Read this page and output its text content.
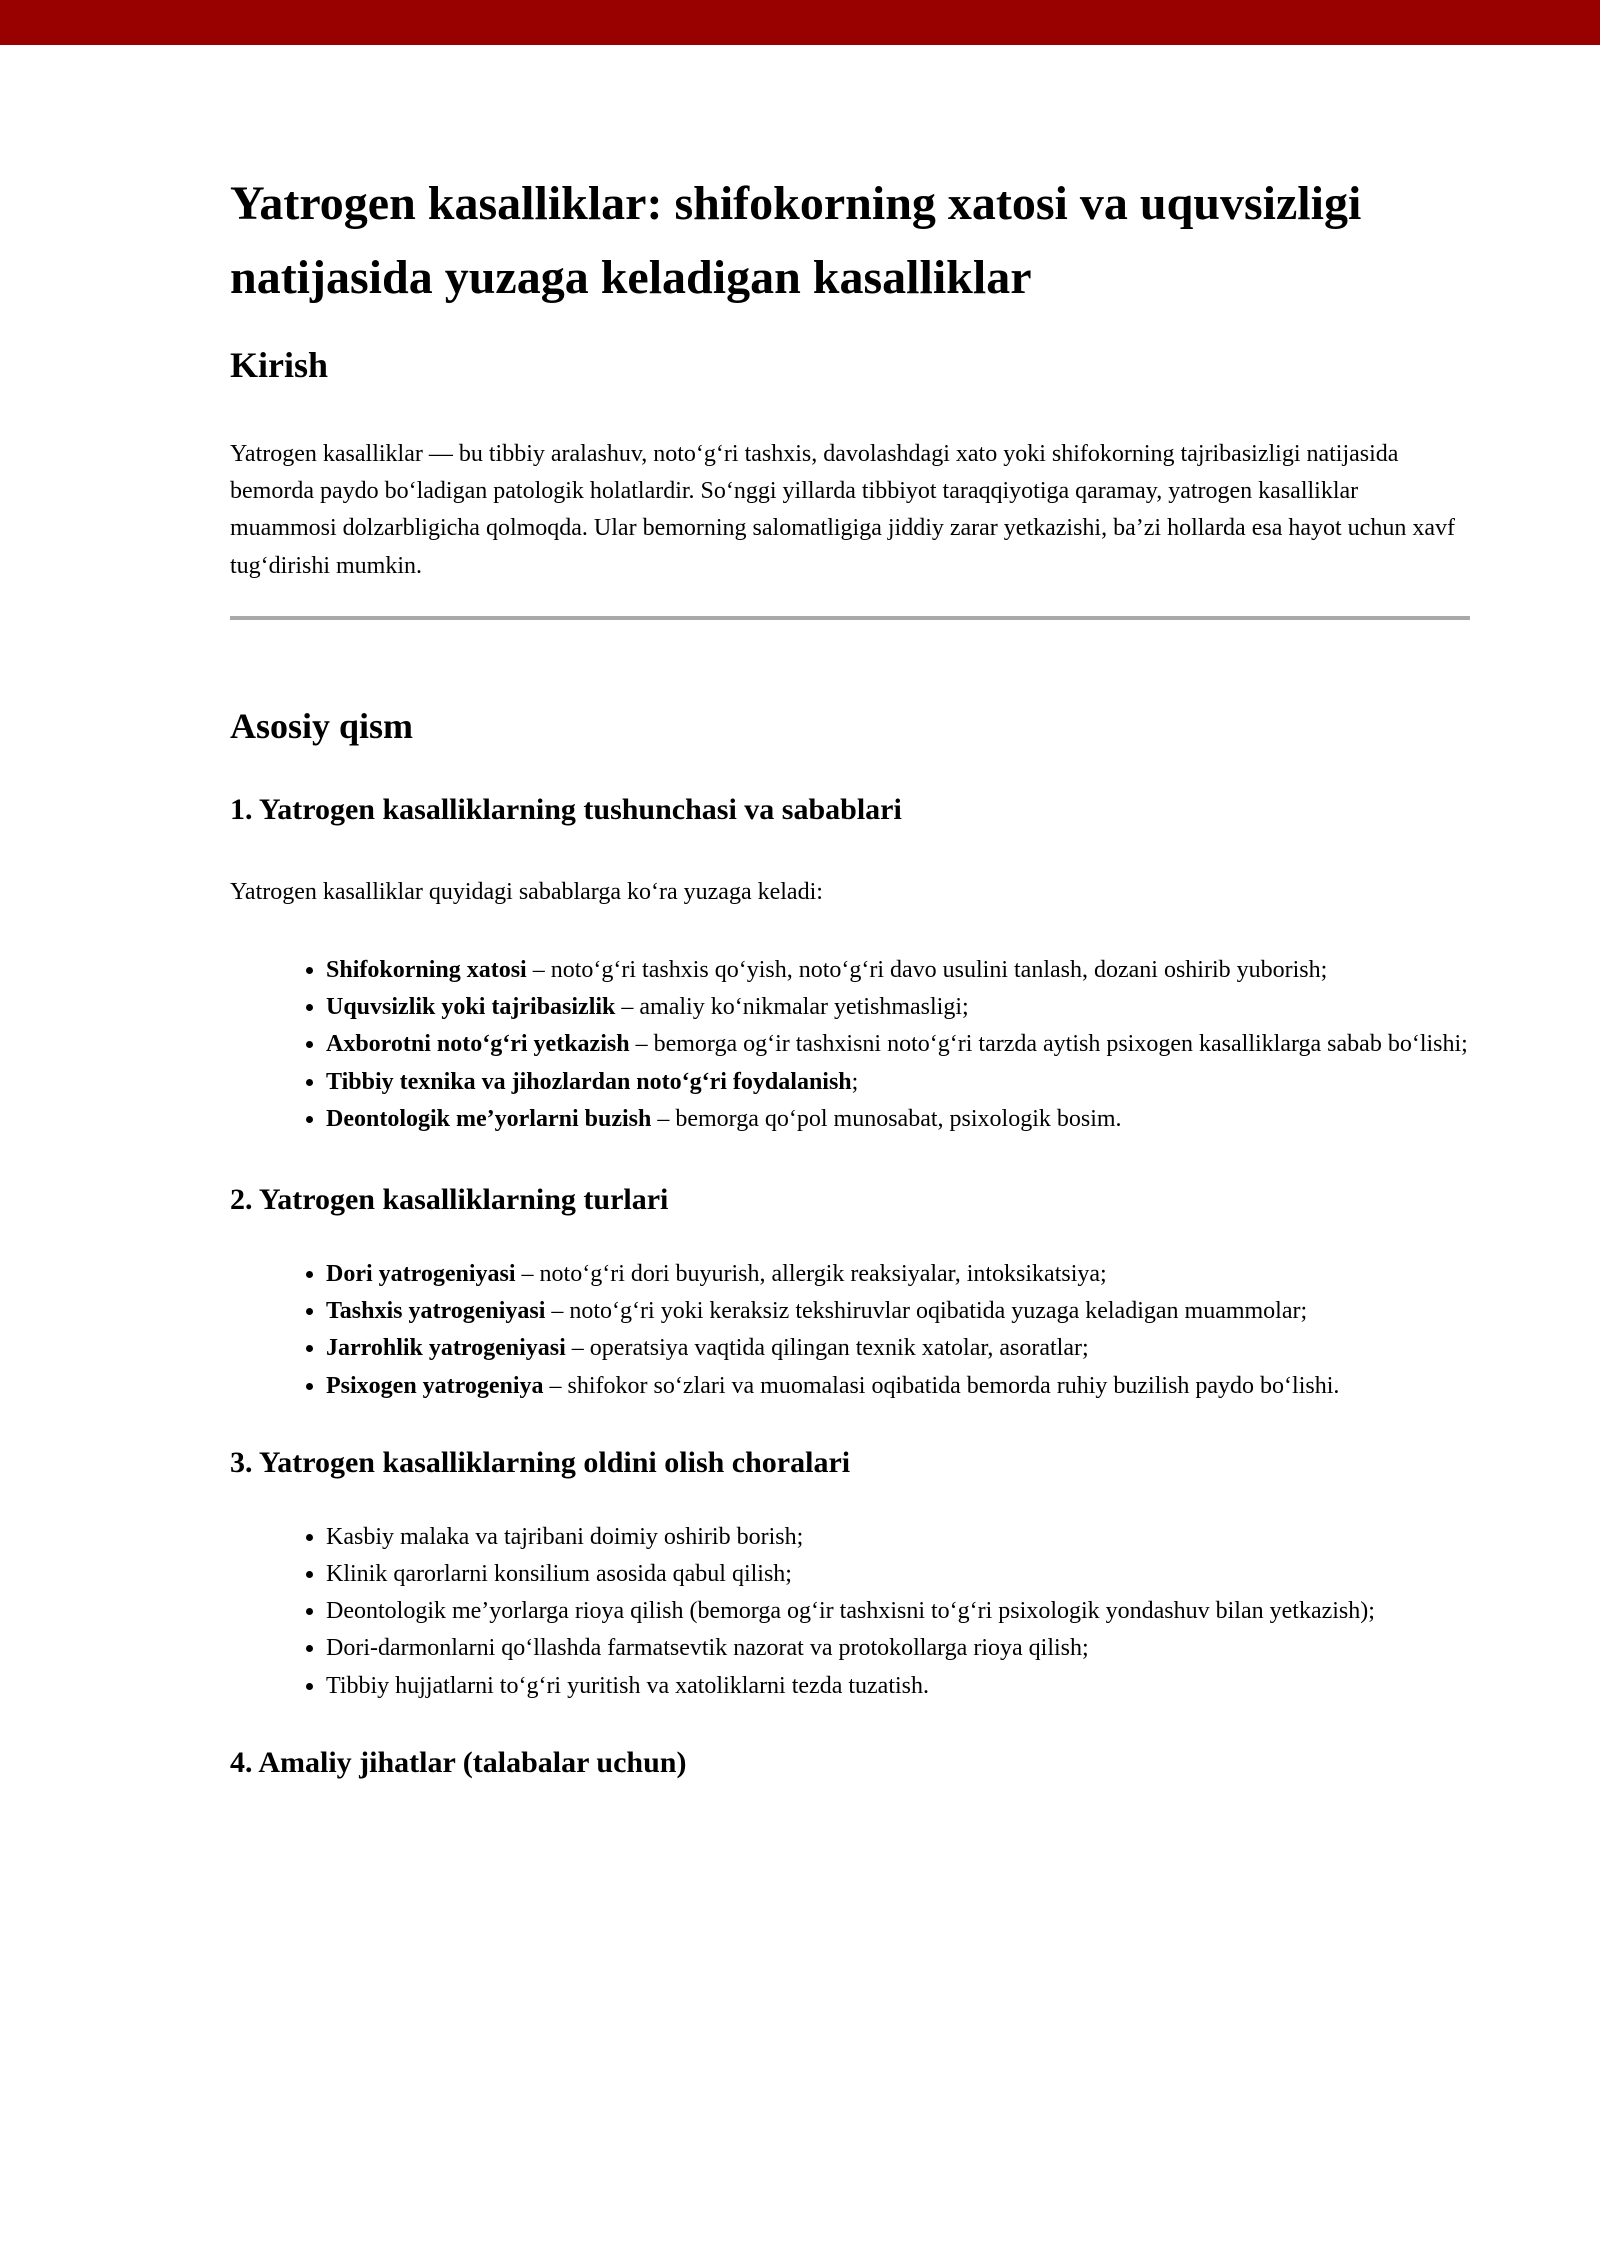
Yatrogen kasalliklar: shifokorning xatosi va uquvsizligi natijasida yuzaga keladigan kasalliklar
Kirish

Yatrogen kasalliklar — bu tibbiy aralashuv, noto‘g‘ri tashxis, davolashdagi xato yoki shifokorning tajribasizligi natijasida bemorda paydo bo‘ladigan patologik holatlardir. So‘nggi yillarda tibbiyot taraqqiyotiga qaramay, yatrogen kasalliklar muammosi dolzarbligicha qolmoqda. Ular bemorning salomatligiga jiddiy zarar yetkazishi, ba’zi hollarda esa hayot uchun xavf tug‘dirishi mumkin.

Asosiy qism
1. Yatrogen kasalliklarning tushunchasi va sabablari

Yatrogen kasalliklar quyidagi sabablarga ko‘ra yuzaga keladi:

• Shifokorning xatosi – noto‘g‘ri tashxis qo‘yish, noto‘g‘ri davo usulini tanlash, dozani oshirib yuborish;
• Uquvsizlik yoki tajribasizlik – amaliy ko‘nikmalar yetishmasligi;
• Axborotni noto‘g‘ri yetkazish – bemorga og‘ir tashxisni noto‘g‘ri tarzda aytish psixogen kasalliklarga sabab bo‘lishi;
• Tibbiy texnika va jihozlardan noto‘g‘ri foydalanish;
• Deontologik me’yorlarni buzish – bemorga qo‘pol munosabat, psixologik bosim.
2. Yatrogen kasalliklarning turlari
• Dori yatrogeniyasi – noto‘g‘ri dori buyurish, allergik reaksiyalar, intoksikatsiya;
• Tashxis yatrogeniyasi – noto‘g‘ri yoki keraksiz tekshiruvlar oqibatida yuzaga keladigan muammolar;
• Jarrohlik yatrogeniyasi – operatsiya vaqtida qilingan texnik xatolar, asoratlar;
• Psixogen yatrogeniya – shifokor so‘zlari va muomalasi oqibatida bemorda ruhiy buzilish paydo bo‘lishi.
3. Yatrogen kasalliklarning oldini olish choralari
• Kasbiy malaka va tajribani doimiy oshirib borish;
• Klinik qarorlarni konsilium asosida qabul qilish;
• Deontologik me’yorlarga rioya qilish (bemorga og‘ir tashxisni to‘g‘ri psixologik yondashuv bilan yetkazish);
• Dori-darmonlarni qo‘llashda farmatsevtik nazorat va protokollarga rioya qilish;
• Tibbiy hujjatlarni to‘g‘ri yuritish va xatoliklarni tezda tuzatish.
4. Amaliy jihatlar (talabalar uchun)
